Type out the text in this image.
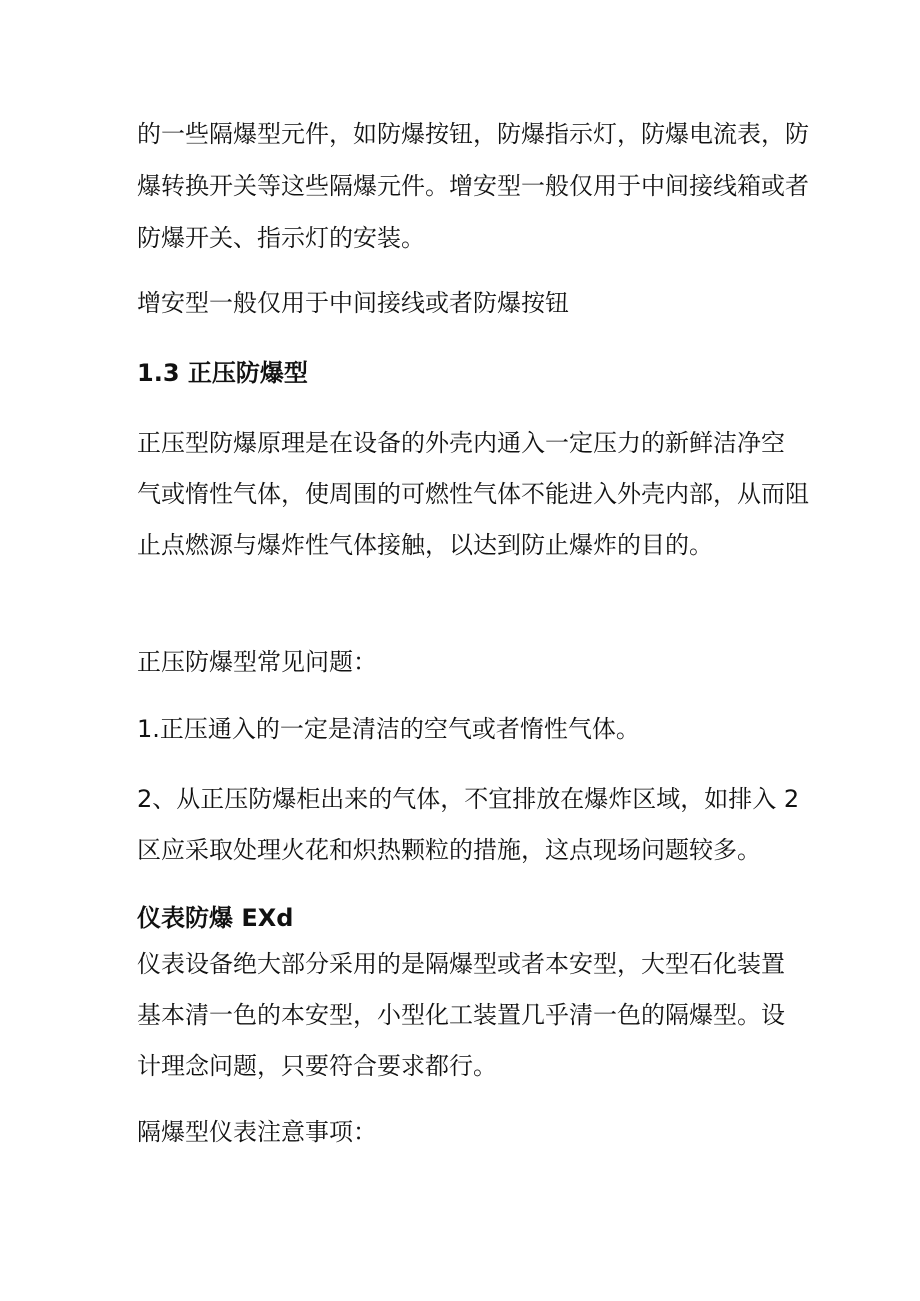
的一些隔爆型元件，如防爆按钮，防爆指示灯，防爆电流表，防

爆转换开关等这些隔爆元件。增安型一般仅用于中间接线箱或者

防爆开关、指示灯的安装。

增安型一般仅用于中间接线或者防爆按钮

1.3 正压防爆型

正压型防爆原理是在设备的外壳内通入一定压力的新鲜洁净空

气或惰性气体，使周围的可燃性气体不能进入外壳内部，从而阻

止点燃源与爆炸性气体接触，以达到防止爆炸的目的。

正压防爆型常见问题：

1.正压通入的一定是清洁的空气或者惰性气体。

2、从正压防爆柜出来的气体，不宜排放在爆炸区域，如排入 2

区应采取处理火花和炽热颗粒的措施，这点现场问题较多。

仪表防爆 EXd

仪表设备绝大部分采用的是隔爆型或者本安型，大型石化装置

基本清一色的本安型，小型化工装置几乎清一色的隔爆型。设

计理念问题，只要符合要求都行。

隔爆型仪表注意事项：
